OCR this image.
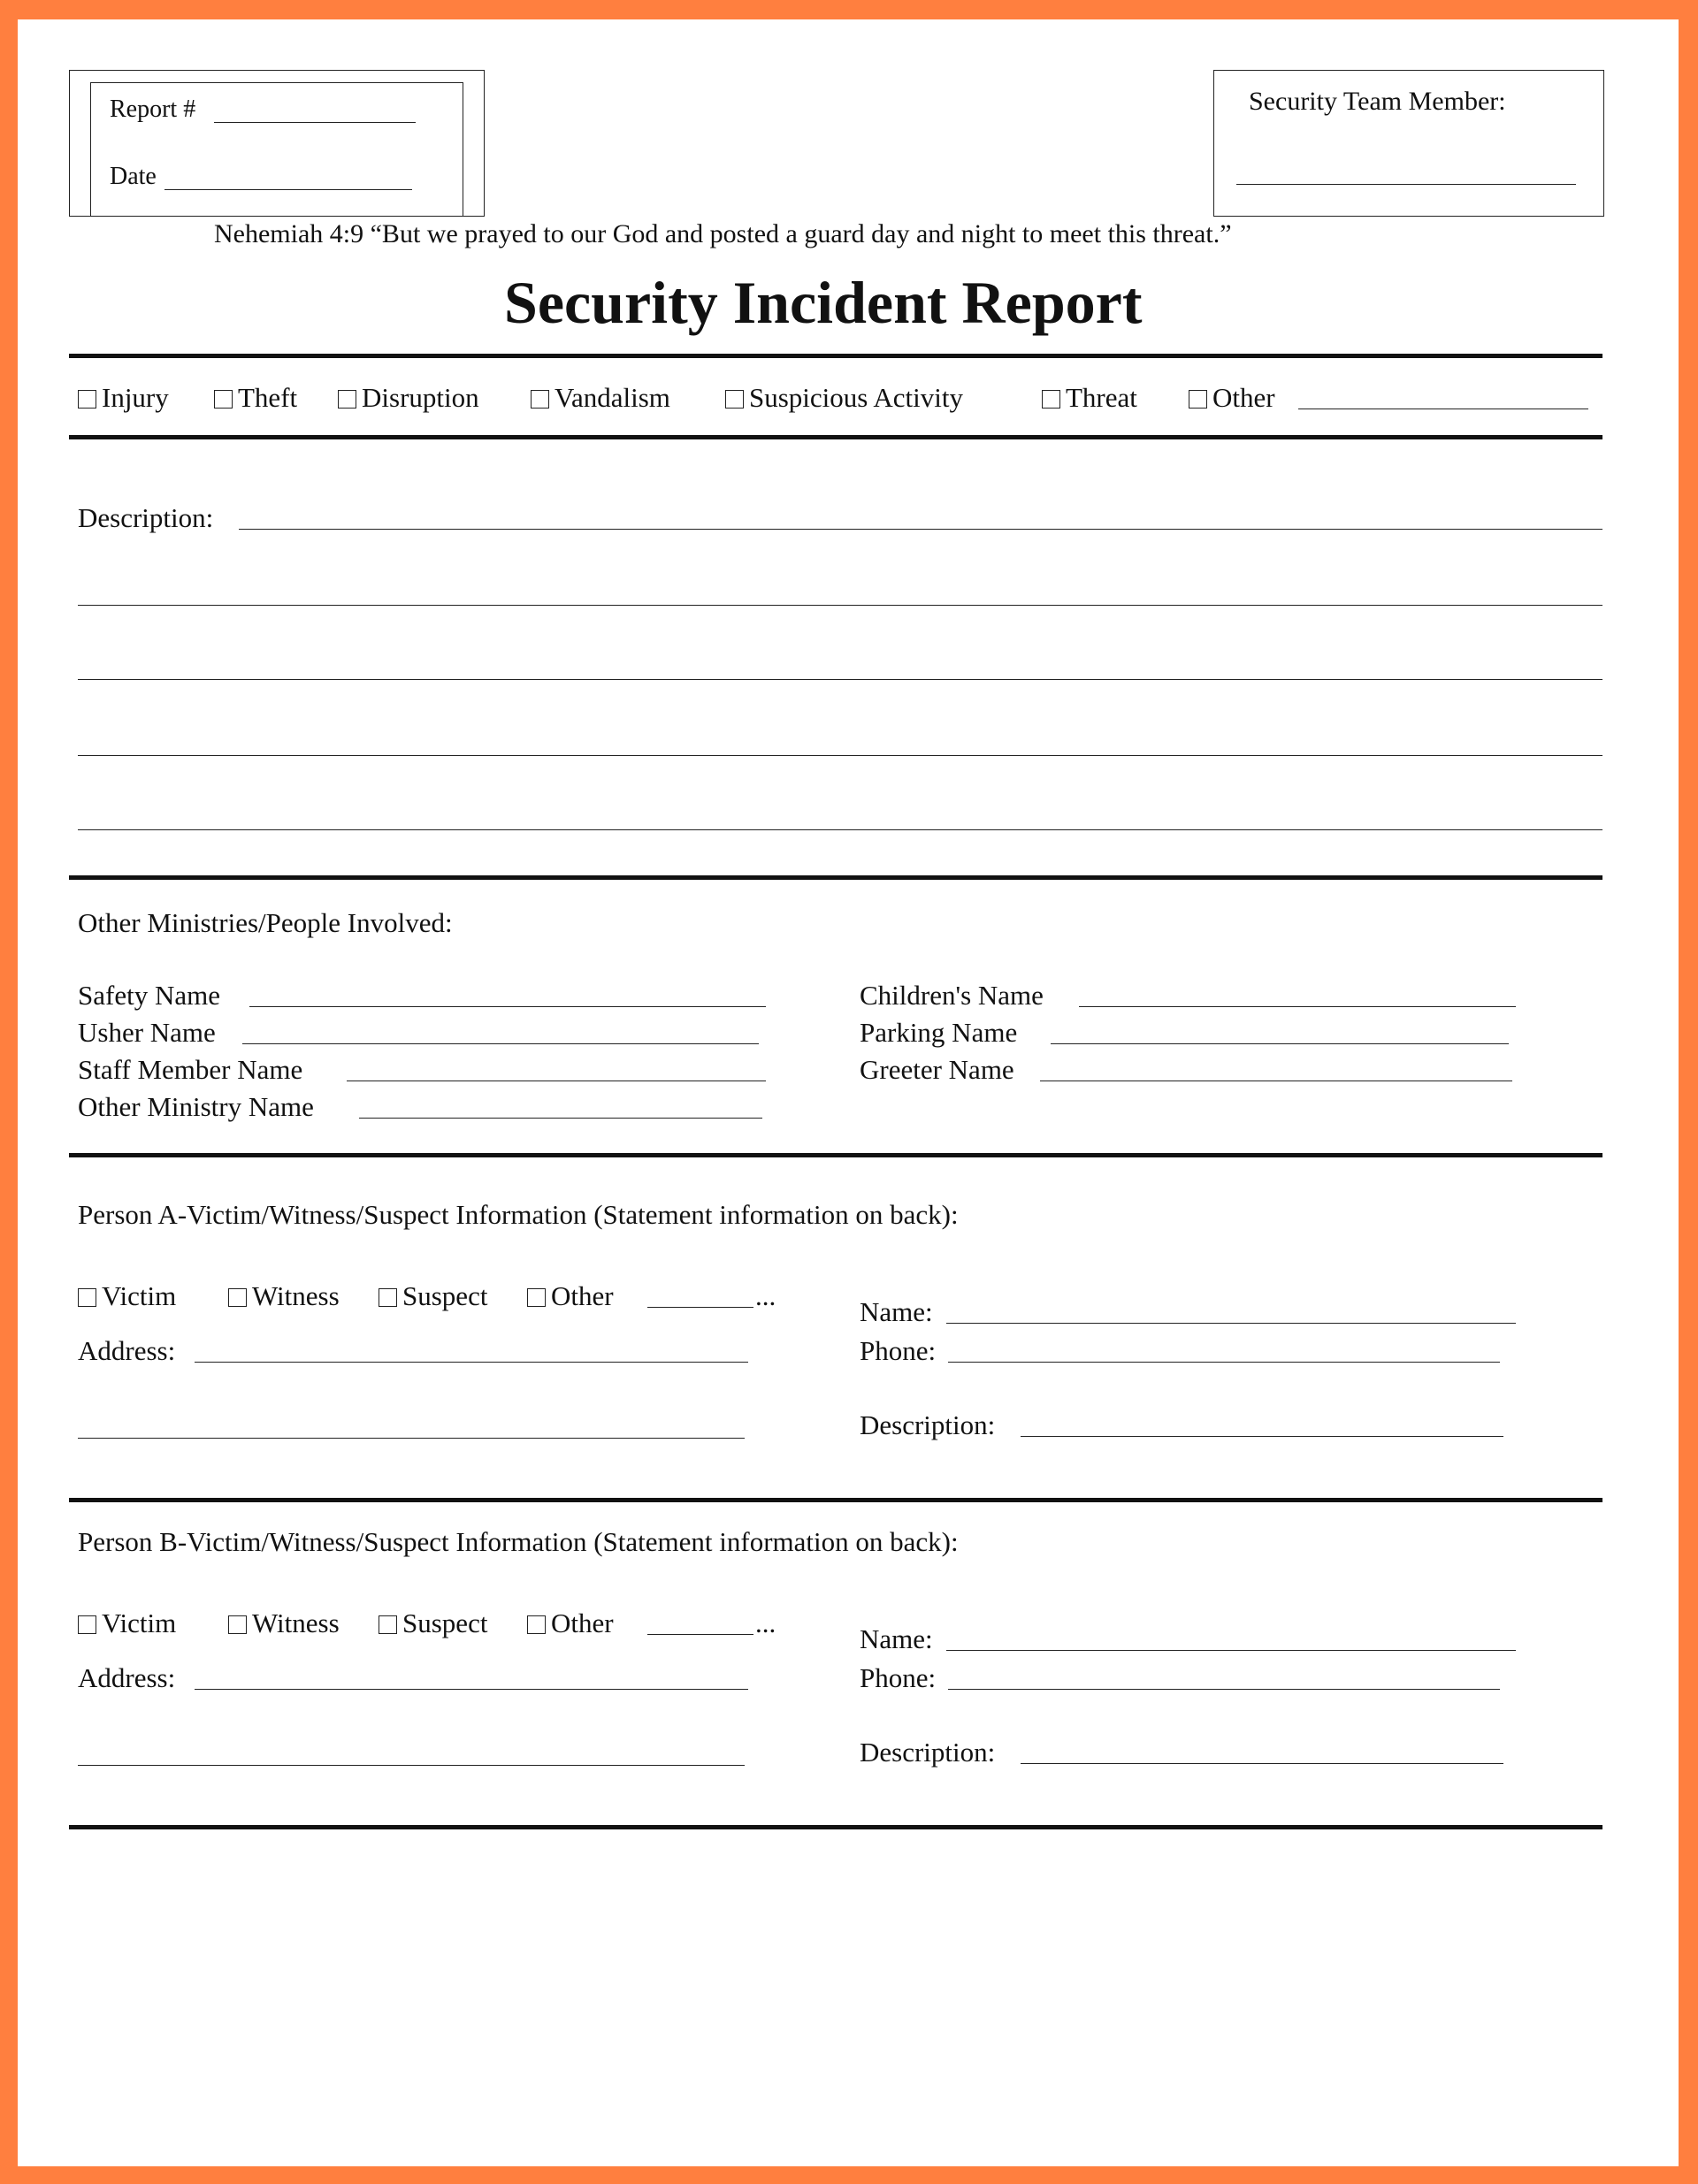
Report #
Date
Security Team Member:
Nehemiah 4:9 “But we prayed to our God and posted a guard day and night to meet this threat.”
Security Incident Report
Injury	Theft	Disruption	Vandalism	Suspicious Activity	Threat	Other
Description:
Other Ministries/People Involved:
Safety Name
Usher Name
Staff Member Name
Other Ministry Name
Children's Name
Parking Name
Greeter Name
Person A-Victim/Witness/Suspect Information (Statement information on back):
Victim	Witness	Suspect	Other	...
Address:
Name:
Phone:
Description:
Person B-Victim/Witness/Suspect Information (Statement information on back):
Victim	Witness	Suspect	Other	...
Address:
Name:
Phone:
Description:
